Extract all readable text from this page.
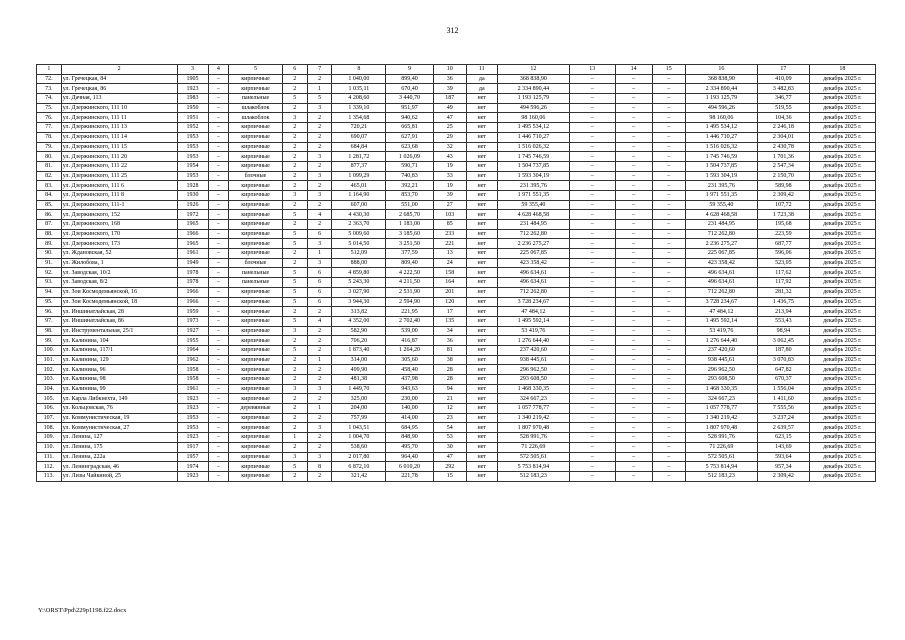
312
1	2	3	4	5	6	7	8	9	10	11	12	13	14	15	16	17	18
72.	ул. Гречецкая, 84	1905	–	кирпичные	2	2	1 040,00	899,40	36	да	368 838,90	–	–	–	368 838,90	410,09	декабрь 2025 г.
73.	ул. Гречецкая, 86	1923	–	кирпичные	2	1	1 035,11	670,40	39	да	2 334 890,44	–	–	–	2 334 890,44	3 482,83	декабрь 2025 г.
74.	ул. Дачная, 113	1983	–	панельные	5	5	4 208,60	3 440,70	187	нет	1 193 125,79	–	–	–	1 193 125,79	346,77	декабрь 2025 г.
75.	ул. Дзержинского, 111 10	1950	–	шлакоблок	2	3	1 339,10	951,97	49	нет	494 596,26	–	–	–	494 596,26	519,55	декабрь 2025 г.
76.	ул. Дзержинского, 111 11	1951	–	шлакоблок	3	2	1 354,68	940,62	47	нет	98 160,06	–	–	–	98 160,06	104,36	декабрь 2025 г.
77.	ул. Дзержинского, 111 13	1952	–	кирпичные	2	2	720,21	665,81	25	нет	1 495 534,12	–	–	–	1 495 534,12	2 246,18	декабрь 2025 г.
78.	ул. Дзержинского, 111 14	1953	–	кирпичные	2	2	690,07	627,91	29	нет	1 446 710,27	–	–	–	1 446 710,27	2 304,01	декабрь 2025 г.
79.	ул. Дзержинского, 111 15	1953	–	кирпичные	2	2	684,84	623,68	32	нет	1 516 026,32	–	–	–	1 516 026,32	2 430,78	декабрь 2025 г.
80.	ул. Дзержинского, 111 20	1953	–	кирпичные	2	3	1 281,72	1 026,09	43	нет	1 745 746,59	–	–	–	1 745 746,59	1 701,36	декабрь 2025 г.
81.	ул. Дзержинского, 111 22	1954	–	кирпичные	2	2	877,37	590,71	19	нет	1 504 737,85	–	–	–	1 504 737,85	2 547,34	декабрь 2025 г.
82.	ул. Дзержинского, 111 25	1953	–	блочные	2	3	1 099,29	740,83	33	нет	1 593 304,19	–	–	–	1 593 304,19	2 150,70	декабрь 2025 г.
83.	ул. Дзержинского, 111 6	1928	–	кирпичные	2	2	465,01	392,21	19	нет	231 395,76	–	–	–	231 395,76	589,98	декабрь 2025 г.
84.	ул. Дзержинского, 111 8	1930	–	кирпичные	3	3	1 164,90	853,70	39	нет	1 971 551,35	–	–	–	1 971 551,35	2 309,42	декабрь 2025 г.
85.	ул. Дзержинского, 111-1	1926	–	кирпичные	2	2	607,00	551,00	27	нет	59 355,40	–	–	–	59 355,40	107,72	декабрь 2025 г.
86.	ул. Дзержинского, 152	1972	–	кирпичные	5	4	4 430,30	2 685,70	103	нет	4 628 468,58	–	–	–	4 628 468,58	1 723,38	декабрь 2025 г.
87.	ул. Дзержинского, 168	1965	–	кирпичные	2	2	2 363,70	1 183,00	85	нет	231 484,95	–	–	–	231 484,95	195,68	декабрь 2025 г.
88.	ул. Дзержинского, 170	1966	–	кирпичные	5	6	5 009,60	3 185,60	233	нет	712 262,80	–	–	–	712 262,80	223,59	декабрь 2025 г.
89.	ул. Дзержинского, 173	1965	–	кирпичные	5	3	5 014,50	3 251,50	221	нет	2 236 275,27	–	–	–	2 236 275,27	687,77	декабрь 2025 г.
90.	ул. Ждановская, 52	1961	–	кирпичные	2	1	512,09	377,59	13	нет	225 067,85	–	–	–	225 067,85	596,06	декабрь 2025 г.
91.	ул. Жилобова, 1	1949	–	блочные	2	3	888,00	809,40	24	нет	423 358,42	–	–	–	423 358,42	523,05	декабрь 2025 г.
92.	ул. Заводская, 10/2	1978	–	панельные	5	6	4 859,80	4 222,50	158	нет	496 634,61	–	–	–	496 634,61	117,62	декабрь 2025 г.
93.	ул. Заводская, 8/2	1978	–	панельные	5	6	5 243,30	4 211,50	164	нет	496 634,61	–	–	–	496 634,61	117,92	декабрь 2025 г.
94.	ул. Зои Космодемьянской, 16	1966	–	кирпичные	5	6	3 027,90	2 531,90	201	нет	712 262,80	–	–	–	712 262,80	281,32	декабрь 2025 г.
95.	ул. Зои Космодемьянской, 18	1966	–	кирпичные	5	6	3 944,30	2 594,90	120	нет	3 728 234,67	–	–	–	3 728 234,67	1 436,75	декабрь 2025 г.
96.	ул. Иншинатлайская, 28	1959	–	кирпичные	2	2	313,82	221,95	17	нет	47 484,12	–	–	–	47 484,12	213,94	декабрь 2025 г.
97.	ул. Иншинатлайская, 86	1973	–	кирпичные	5	4	4 352,00	2 702,40	135	нет	1 495 592,14	–	–	–	1 495 592,14	553,43	декабрь 2025 г.
98.	ул. Инструментальная, 25/1	1927	–	кирпичные	3	2	582,90	539,00	34	нет	53 419,76	–	–	–	53 419,76	98,94	декабрь 2025 г.
99.	ул. Калинина, 104	1955	–	кирпичные	2	2	706,20	416,87	36	нет	1 276 644,40	–	–	–	1 276 644,40	3 062,45	декабрь 2025 г.
100.	ул. Калинина, 117/1	1964	–	кирпичные	5	2	1 873,40	1 264,20	81	нет	237 420,60	–	–	–	237 420,60	187,80	декабрь 2025 г.
101.	ул. Калинина, 129	1962	–	кирпичные	2	1	314,00	305,60	38	нет	938 445,61	–	–	–	938 445,61	3 070,83	декабрь 2025 г.
102.	ул. Калинина, 96	1958	–	кирпичные	2	2	499,90	458,40	28	нет	296 962,50	–	–	–	296 962,50	647,82	декабрь 2025 г.
103.	ул. Калинина, 98	1958	–	кирпичные	2	2	481,38	437,98	28	нет	293 608,50	–	–	–	293 608,50	670,37	декабрь 2025 г.
104.	ул. Калинина, 99	1961	–	кирпичные	3	3	1 449,70	943,63	94	нет	1 468 330,35	–	–	–	1 468 330,35	1 556,04	декабрь 2025 г.
105.	ул. Карла Либкнехта, 149	1923	–	кирпичные	2	2	325,00	230,00	21	нет	324 667,23	–	–	–	324 667,23	1 411,60	декабрь 2025 г.
106.	ул. Кольцовская, 76	1923	–	деревянные	2	1	204,00	140,00	12	нет	1 057 778,77	–	–	–	1 057 778,77	7 555,56	декабрь 2025 г.
107.	ул. Коммунистическая, 19	1953	–	кирпичные	2	2	757,99	414,00	23	нет	1 340 219,42	–	–	–	1 340 219,42	3 237,24	декабрь 2025 г.
108.	ул. Коммунистическая, 27	1953	–	кирпичные	2	3	1 043,51	684,95	54	нет	1 807 970,48	–	–	–	1 807 970,48	2 639,57	декабрь 2025 г.
109.	ул. Ленина, 127	1923	–	кирпичные	1	2	1 004,70	848,90	53	нет	528 991,76	–	–	–	528 991,76	623,15	декабрь 2025 г.
110.	ул. Ленина, 175	1917	–	кирпичные	2	2	538,60	495,70	30	нет	71 226,69	–	–	–	71 226,69	143,69	декабрь 2025 г.
111.	ул. Ленина, 222а	1957	–	кирпичные	3	3	2 017,80	964,40	47	нет	572 505,61	–	–	–	572 505,61	593,64	декабрь 2025 г.
112.	ул. Ленинградская, 46	1974	–	кирпичные	5	8	6 872,10	6 010,20	292	нет	5 753 814,94	–	–	–	5 753 814,94	957,34	декабрь 2025 г.
113.	ул. Лизы Чайкиной, 25	1923	–	кирпичные	2	2	321,42	221,78	15	нет	512 183,23	–	–	–	512 183,23	2 309,42	декабрь 2025 г.
Y:\ORST\Ppd\229p1198.f22.docx
